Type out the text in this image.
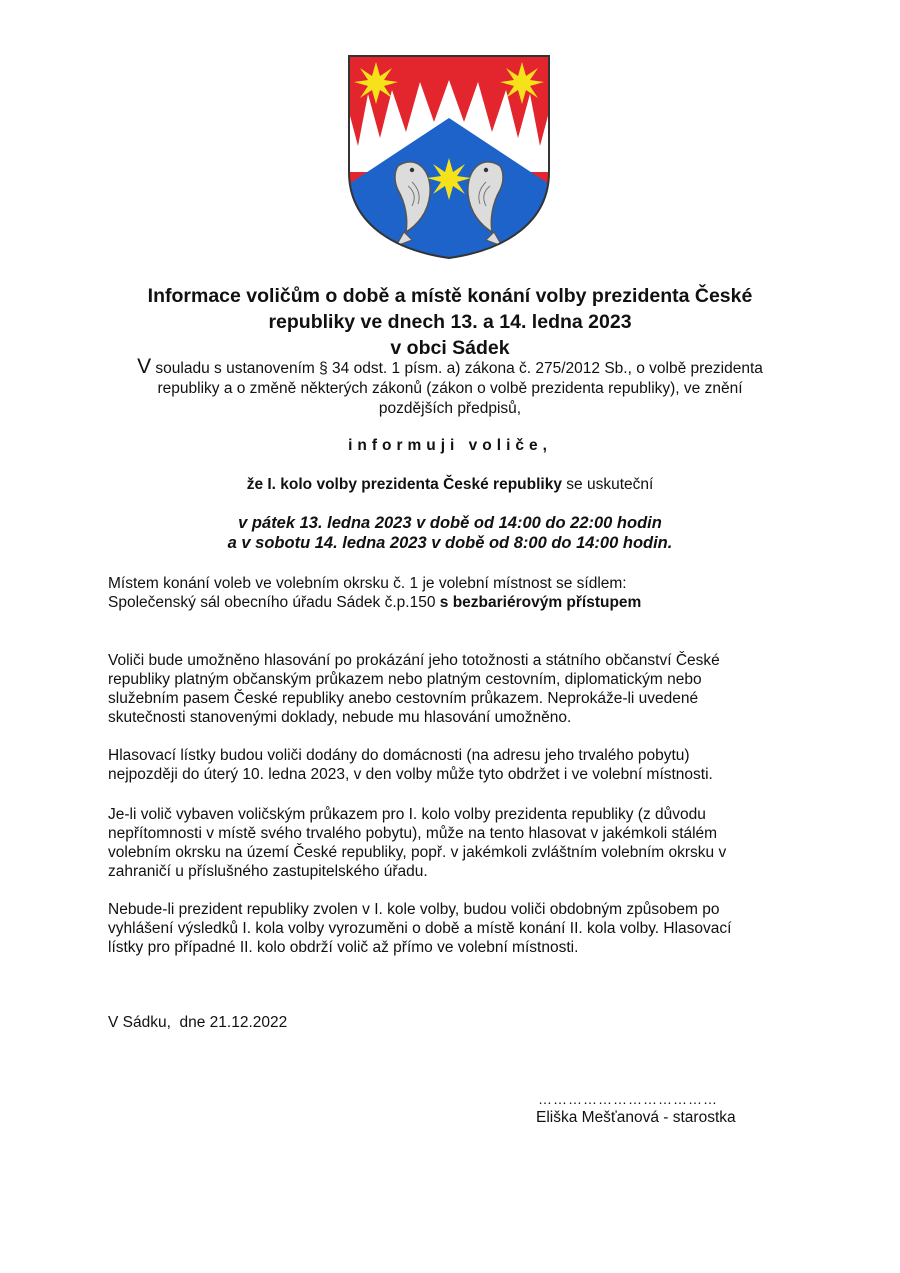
Informace voličům o době a místě konání volby prezidenta České
republiky ve dnech 13. a 14. ledna 2023
v obci Sádek
V souladu s ustanovením § 34 odst. 1 písm. a) zákona č. 275/2012 Sb., o volbě prezidenta
republiky a o změně některých zákonů (zákon o volbě prezidenta republiky), ve znění
pozdějších předpisů,
informuji voliče,
že I. kolo volby prezidenta České republiky se uskuteční
v pátek 13. ledna 2023 v době od 14:00 do 22:00 hodin
a v sobotu 14. ledna 2023 v době od 8:00 do 14:00 hodin.
Místem konání voleb ve volebním okrsku č. 1 je volební místnost se sídlem:
Společenský sál obecního úřadu Sádek č.p.150 s bezbariérovým přístupem
Voliči bude umožněno hlasování po prokázání jeho totožnosti a státního občanství České
republiky platným občanským průkazem nebo platným cestovním, diplomatickým nebo
služebním pasem České republiky anebo cestovním průkazem. Neprokáže-li uvedené
skutečnosti stanovenými doklady, nebude mu hlasování umožněno.
Hlasovací lístky budou voliči dodány do domácnosti (na adresu jeho trvalého pobytu)
nejpozději do úterý 10. ledna 2023, v den volby může tyto obdržet i ve volební místnosti.
Je-li volič vybaven voličským průkazem pro I. kolo volby prezidenta republiky (z důvodu
nepřítomnosti v místě svého trvalého pobytu), může na tento hlasovat v jakémkoli stálém
volebním okrsku na území České republiky, popř. v jakémkoli zvláštním volebním okrsku v
zahraničí u příslušného zastupitelského úřadu.
Nebude-li prezident republiky zvolen v I. kole volby, budou voliči obdobným způsobem po
vyhlášení výsledků I. kola volby vyrozuměni o době a místě konání II. kola volby. Hlasovací
lístky pro případné II. kolo obdrží volič až přímo ve volební místnosti.
V Sádku,  dne 21.12.2022
………………………………
Eliška Mešťanová - starostka
